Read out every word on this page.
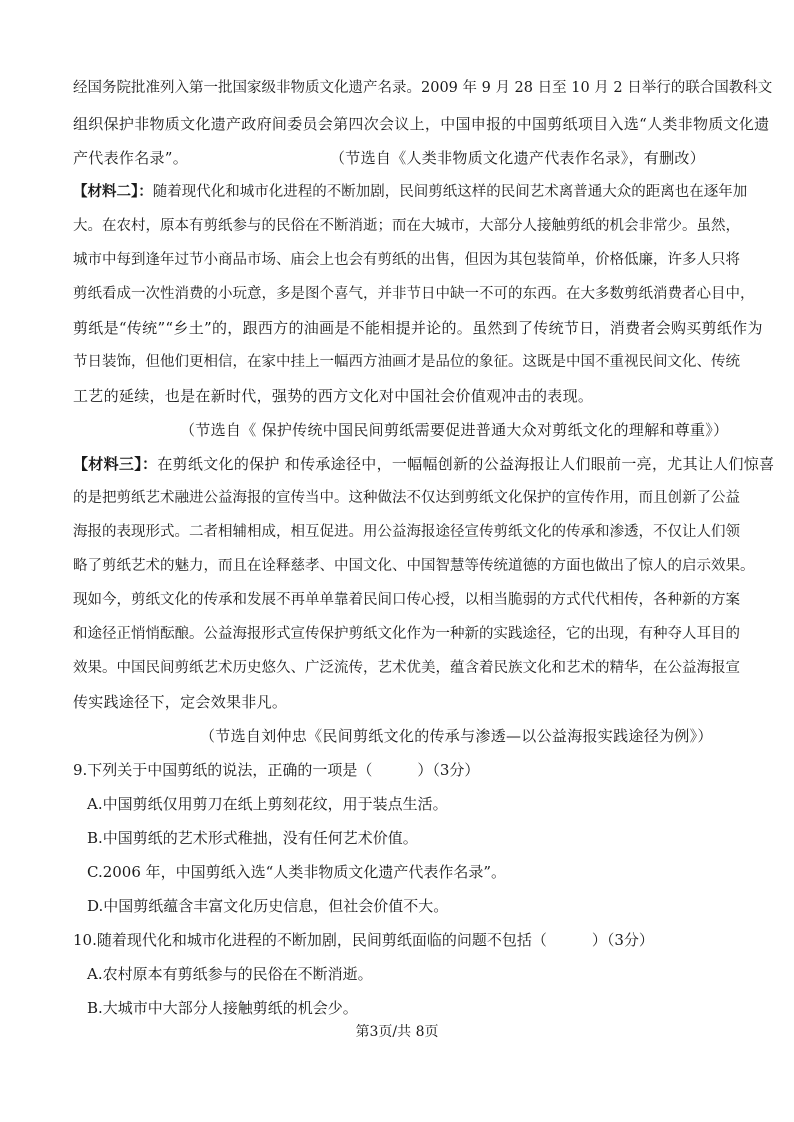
经国务院批准列入第一批国家级非物质文化遗产名录。2009 年 9 月 28 日至 10 月 2 日举行的联合国教科文
组织保护非物质文化遗产政府间委员会第四次会议上，中国申报的中国剪纸项目入选“人类非物质文化遗
产代表作名录”。	（节选自《人类非物质文化遗产代表作名录》，有删改）
【材料二】：随着现代化和城市化进程的不断加剧，民间剪纸这样的民间艺术离普通大众的距离也在逐年加
大。在农村，原本有剪纸参与的民俗在不断消逝；而在大城市，大部分人接触剪纸的机会非常少。虽然，
城市中每到逢年过节小商品市场、庙会上也会有剪纸的出售，但因为其包装简单，价格低廉，许多人只将
剪纸看成一次性消费的小玩意，多是图个喜气，并非节日中缺一不可的东西。在大多数剪纸消费者心目中，
剪纸是“传统”“乡土”的，跟西方的油画是不能相提并论的。虽然到了传统节日，消费者会购买剪纸作为
节日装饰，但他们更相信，在家中挂上一幅西方油画才是品位的象征。这既是中国不重视民间文化、传统
工艺的延续，也是在新时代，强势的西方文化对中国社会价值观冲击的表现。
（节选自《 保护传统中国民间剪纸需要促进普通大众对剪纸文化的理解和尊重》）
【材料三】：在剪纸文化的保护 和传承途径中，一幅幅创新的公益海报让人们眼前一亮，尤其让人们惊喜
的是把剪纸艺术融进公益海报的宣传当中。这种做法不仅达到剪纸文化保护的宣传作用，而且创新了公益
海报的表现形式。二者相辅相成，相互促进。用公益海报途径宣传剪纸文化的传承和渗透，不仅让人们领
略了剪纸艺术的魅力，而且在诠释慈孝、中国文化、中国智慧等传统道德的方面也做出了惊人的启示效果。
现如今，剪纸文化的传承和发展不再单单靠着民间口传心授，以相当脆弱的方式代代相传，各种新的方案
和途径正悄悄酝酿。公益海报形式宣传保护剪纸文化作为一种新的实践途径，它的出现，有种夺人耳目的
效果。中国民间剪纸艺术历史悠久、广泛流传，艺术优美，蕴含着民族文化和艺术的精华，在公益海报宣
传实践途径下，定会效果非凡。
（节选自刘仲忠《民间剪纸文化的传承与渗透—以公益海报实践途径为例》）
9.下列关于中国剪纸的说法，正确的一项是（　　　）（3分）
A.中国剪纸仅用剪刀在纸上剪刻花纹，用于装点生活。
B.中国剪纸的艺术形式稚拙，没有任何艺术价值。
C.2006 年，中国剪纸入选“人类非物质文化遗产代表作名录”。
D.中国剪纸蕴含丰富文化历史信息，但社会价值不大。
10.随着现代化和城市化进程的不断加剧，民间剪纸面临的问题不包括（　　　）（3分）
A.农村原本有剪纸参与的民俗在不断消逝。
B.大城市中大部分人接触剪纸的机会少。
第3页/共 8页
